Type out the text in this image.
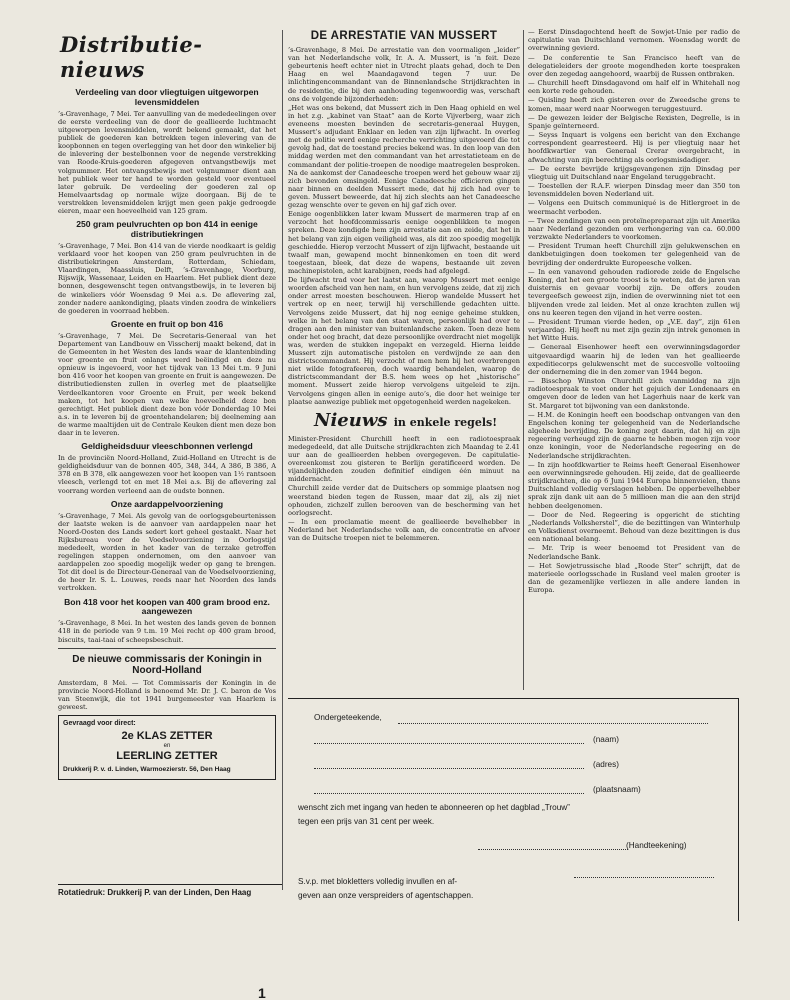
Distributie-nieuws
Verdeeling van door vliegtuigen uitgeworpen levensmiddelen

’s-Gravenhage, 7 Mei. Ter aanvulling van de mededeelingen over de eerste verdeeling van de door de geallieerde luchtmacht uitgeworpen levensmiddelen, wordt bekend gemaakt, dat het publiek de goederen kan betrekken tegen inlevering van de koopbonnen en tegen overlegging van het door den winkelier bij de inlevering der bestelbonnen voor de negende verstrekking van Roode-Kruis-goederen afgegeven ontvangstbewijs met volgnummer. Het ontvangstbewijs met volgnummer dient aan het publiek weer ter hand te worden gesteld voor eventueel later gebruik. De verdeeling der goederen zal op Hemelvaartsdag op normale wijze doorgaan. Bij de te verstrekken levensmiddelen krijgt men geen pakje gedroogde eieren, maar een hoeveelheid van 125 gram.

250 gram peulvruchten op bon 414 in eenige distributiekringen

’s-Gravenhage, 7 Mei. Bon 414 van de vierde noodkaart is geldig verklaard voor het koopen van 250 gram peulvruchten in de distributiekringen Amsterdam, Rotterdam, Schiedam, Vlaardingen, Maassluis, Delft, ’s-Gravenhage, Voorburg, Rijswijk, Wassenaar, Leiden en Haarlem. Het publiek dient deze bonnen, desgewenscht tegen ontvangstbewijs, in te leveren bij de winkeliers vóór Woensdag 9 Mei a.s. De aflevering zal, zonder nadere aankondiging, plaats vinden zoodra de winkeliers de goederen in voorraad hebben.

Groente en fruit op bon 416

’s-Gravenhage, 7 Mei. De Secretaris-Generaal van het Departement van Landbouw en Visscherij maakt bekend, dat in de Gemeenten in het Westen des lands waar de klantenbinding voor groente en fruit onlangs werd beëindigd en deze nu opnieuw is ingevoerd, voor het tijdvak van 13 Mei t.m. 9 Juni bon 416 voor het koopen van groente en fruit is aangewezen. De distributiediensten zullen in overleg met de plaatselijke Verdeelkantoren voor Groente en Fruit, per week bekend maken, tot het koopen van welke hoeveelheid deze bon gerechtigt. Het publiek dient deze bon vóór Donderdag 10 Mei a.s. in te leveren bij de groentehandelaren; bij deelneming aan de warme maaltijden uit de Centrale Keuken dient men deze bon daar in te leveren.

Geldigheidsduur vleeschbonnen verlengd

In de provinciën Noord-Holland, Zuid-Holland en Utrecht is de geldigheidsduur van de bonnen 405, 348, 344, A 386, B 386, A 378 en B 378, elk aangewezen voor het koopen van 1½ rantsoen vleesch, verlengd tot en met 18 Mei a.s. Bij de aflevering zal voorrang worden verleend aan de oudste bonnen.

Onze aardappelvoorziening

’s-Gravenhage, 7 Mei. Als gevolg van de oorlogsgebeurtenissen der laatste weken is de aanvoer van aardappelen naar het Noord-Oosten des Lands sedert kort geheel gestaakt. Naar het Rijksbureau voor de Voedselvoorziening in Oorlogstijd mededeelt, worden in het kader van de terzake getroffen regelingen stappen ondernomen, om den aanvoer van aardappelen zoo spoedig mogelijk weder op gang te brengen. Tot dit doel is de Directeur-Generaal van de Voedselvoorziening, de heer Ir. S. L. Louwes, reeds naar het Noorden des lands vertrokken.

Bon 418 voor het koopen van 400 gram brood enz. aangewezen

’s-Gravenhage, 8 Mei. In het westen des lands geven de bonnen 418 in de periode van 9 t.m. 19 Mei recht op 400 gram brood, biscuits, taai-taai of scheepsbeschuit.

De nieuwe commissaris der Koningin in Noord-Holland

Amsterdam, 8 Mei. — Tot Commissaris der Koningin in de provincie Noord-Holland is benoemd Mr. Dr. J. C. baron de Vos van Steenwijk, die tot 1941 burgemeester van Haarlem is geweest.

Gevraagd voor direct:
2e KLAS ZETTER
en
LEERLING ZETTER
Drukkerij P. v. d. Linden, Warmoezierstr. 56, Den Haag
Rotatiedruk: Drukkerij P. van der Linden, Den Haag
DE ARRESTATIE VAN MUSSERT

’s-Gravenhage, 8 Mei. De arrestatie van den voormaligen „leider” van het Nederlandsche volk, Ir. A. A. Mussert, is ’n feit. Deze gebeurtenis heeft echter niet in Utrecht plaats gehad, doch te Den Haag en wel Maandagavond tegen 7 uur. De inlichtingencommandant van de Binnenlandsche Strijdkrachten in de residentie, die bij den aanhouding tegenwoordig was, verschaft ons de volgende bijzonderheden:

„Het was ons bekend, dat Mussert zich in Den Haag ophield en wel in het z.g. „kabinet van Staat” aan de Korte Vijverberg, waar zich eveneens moesten bevinden de secretaris-generaal Huygen, Mussert’s adjudant Enklaar en leden van zijn lijfwacht. In overleg met de politie werd eenige recherche verrichting uitgevoerd die tot gevolg had, dat de toestand precies bekend was. In den loop van den middag werden met den commandant van het arrestatieteam en de commandant der politie-troepen de noodige maatregelen besproken. Na de aankomst der Canadeesche troepen werd het gebouw waar zij zich bevonden omsingeld. Eenige Canadeesche officieren gingen naar binnen en deelden Mussert mede, dat hij zich had over te geven. Mussert beweerde, dat hij zich slechts aan het Canadeesche gezag wenschte over te geven en hij gaf zich over.

Eenige oogenblikken later kwam Mussert de marmeren trap af en verzocht het hoofdcommissaris eenige oogenblikken te mogen spreken. Deze kondigde hem zijn arrestatie aan en zeide, dat het in het belang van zijn eigen veiligheid was, als dit zoo spoedig mogelijk geschiedde. Hierop verzocht Mussert of zijn lijfwacht, bestaande uit twaalf man, gewapend mocht binnenkomen en toen dit werd toegestaan, bleek, dat deze de wapens, bestaande uit zeven machinepistolen, acht karabijnen, reeds had afgelegd.

De lijfwacht trad voor het laatst aan, waarop Mussert met eenige woorden afscheid van hen nam, en hun vervolgens zeide, dat zij zich onder arrest moesten beschouwen. Hierop wandelde Mussert het vertrek op en neer, terwijl hij verschillende gedachten uitte. Vervolgens zeide Mussert, dat hij nog eenige geheime stukken, welke in het belang van den staat waren, persoonlijk had over te dragen aan den minister van buitenlandsche zaken. Toen deze hem onder het oog bracht, dat deze persoonlijke overdracht niet mogelijk was, werden de stukken ingepakt en verzegeld. Hierna leidde Mussert zijn automatische pistolen en verdwijnde ze aan den districtscommandant. Hij verzocht of men hem bij het overbrengen niet wilde fotografeeren, doch waardig behandelen, waarop de districtscommandant der B.S. hem wees op het „historische” moment. Mussert zeide hierop vervolgens uitgeleid te zijn. Vervolgens gingen allen in eenige auto’s, die door het weinige ter plaatse aanwezige publiek met opgetogenheid werden nagekeken.

Nieuws in enkele regels!

Minister-President Churchill heeft in een radiotoespraak medegedeeld, dat alle Duitsche strijdkrachten zich Maandag te 2.41 uur aan de geallieerden hebben overgegeven. De capitulatie-overeenkomst zou gisteren te Berlijn geratificeerd worden. De vijandelijkheden zouden definitief eindigen één minuut na middernacht.

Churchill zeide verder dat de Duitschers op sommige plaatsen nog weerstand bieden tegen de Russen, maar dat zij, als zij niet ophouden, zichzelf zullen berooven van de bescherming van het oorlogsrecht.

— In een proclamatie meent de geallieerde bevelhebber in Nederland het Nederlandsche volk aan, de concentratie en afvoer van de Duitsche troepen niet te belemmeren.

— Eerst Dinsdagochtend heeft de Sowjet-Unie per radio de capitulatie van Duitschland vernomen. Woensdag wordt de overwinning gevierd.

— De conferentie te San Francisco heeft van de delegatieleiders der groote mogendheden korte toespraken over den zegedag aangehoord, waarbij de Russen ontbraken.

— Churchill heeft Dinsdagavond om half elf in Whitehall nog een korte rede gehouden.

— Quisling heeft zich gisteren over de Zweedsche grens te komen, maar werd naar Noorwegen teruggestuurd.

— De gewezen leider der Belgische Rexisten, Degrelle, is in Spanje geïnterneerd.

— Seyss Inquart is volgens een bericht van den Exchange correspondent gearresteerd. Hij is per vliegtuig naar het hoofdkwartier van Generaal Crerar overgebracht, in afwachting van zijn berechting als oorlogsmisdadiger.

— De eerste bevrijde krijgsgevangenen zijn Dinsdag per vliegtuig uit Duitschland naar Engeland teruggebracht.

— Toestellen der R.A.F. wierpen Dinsdag meer dan 350 ton levensmiddelen boven Nederland uit.

— Volgens een Duitsch communiqué is de Hitlergroet in de weermacht verboden.

— Twee zendingen van een proteïnepreparaat zijn uit Amerika naar Nederland gezonden om verhongering van ca. 60.000 verzwakte Nederlanders te voorkomen.

— President Truman heeft Churchill zijn gelukwenschen en dankbetuigingen doen toekomen ter gelegenheid van de bevrijding der onderdrukte Europeesche volken.

— In een vanavond gehouden radiorede zeide de Engelsche Koning, dat het een groote troost is te weten, dat de jaren van duisternis en gevaar voorbij zijn. De offers zouden tevergeefsch geweest zijn, indien de overwinning niet tot een blijvenden vrede zal leiden. Met al onze krachten zullen wij ons nu keeren tegen den vijand in het verre oosten.

— President Truman vierde heden, op „V.E. day”, zijn 61en verjaardag. Hij heeft nu met zijn gezin zijn intrek genomen in het Witte Huis.

— Generaal Eisenhower heeft een overwinningsdagorder uitgevaardigd waarin hij de leden van het geallieerde expeditiecorps gelukwenscht met de succesvolle voltooiing der onderneming die in den zomer van 1944 begon.

— Bisschop Winston Churchill zich vanmiddag na zijn radiotoespraak te voet onder het gejuich der Londenaars en omgeven door de leden van het Lagerhuis naar de kerk van St. Margaret tot bijwoning van een dankstonde.

— H.M. de Koningin heeft een boodschap ontvangen van den Engelschen koning ter gelegenheid van de Nederlandsche algeheele bevrijding. De koning zegt daarin, dat hij en zijn regeering verheugd zijn de gaarne te hebben mogen zijn voor onze koningin, voor de Nederlandsche regeering en de Nederlandsche strijdkrachten.

— In zijn hoofdkwartier te Reims heeft Generaal Eisenhower een overwinningsrede gehouden. Hij zeide, dat de geallieerde strijdkrachten, die op 6 Juni 1944 Europa binnenvielen, thans Duitschland volledig verslagen hebben. De opperbevelhebber sprak zijn dank uit aan de 5 millioen man die aan den strijd hebben deelgenomen.

— Door de Ned. Regeering is opgericht de stichting „Nederlands Volksherstel”, die de bezittingen van Winterhulp en Volksdienst overneemt. Behoud van deze bezittingen is dus een nationaal belang.

— Mr. Trip is weer benoemd tot President van de Nederlandsche Bank.

— Het Sowjetrussische blad „Roode Ster” schrijft, dat de materieele oorlogsschade in Rusland veel malen grooter is dan de gezamenlijke verliezen in alle andere landen in Europa.

Ondergeteekende,
(naam)
(adres)
(plaatsnaam)
wenscht zich met ingang van heden te abonneeren op het dagblad „Trouw”
tegen een prijs van 31 cent per week.
(Handteekening)
S.v.p. met blokletters volledig invullen en af-
geven aan onze verspreiders of agentschappen.
1
